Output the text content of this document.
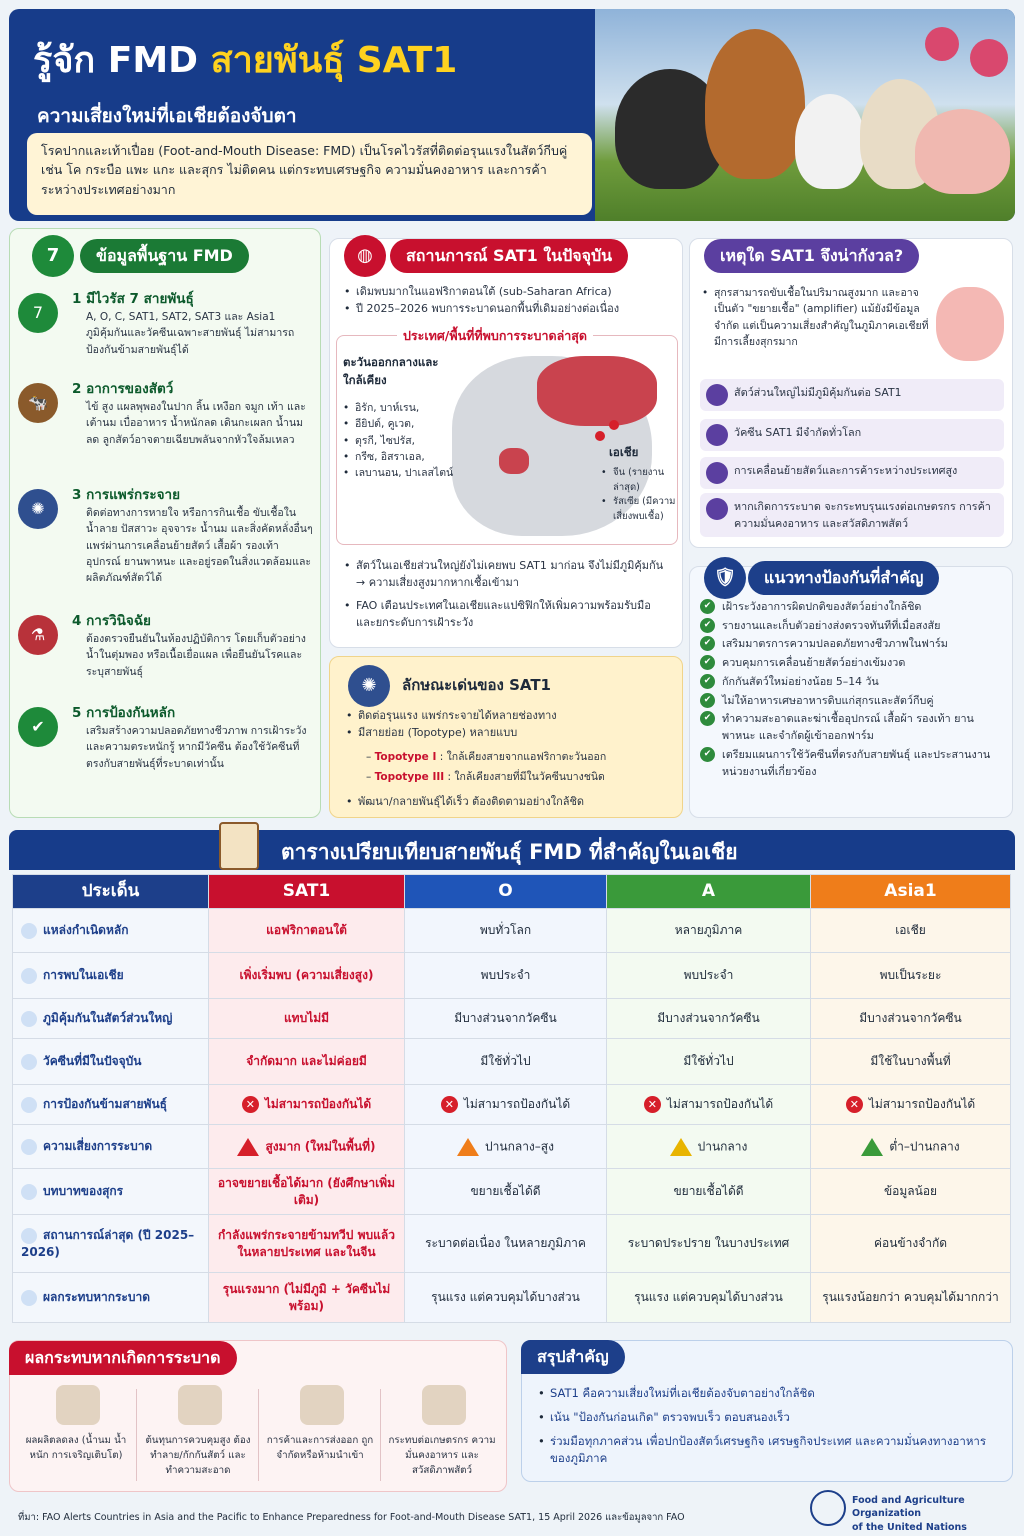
รู้จัก FMD สายพันธุ์ SAT1
ความเสี่ยงใหม่ที่เอเชียต้องจับตา
โรคปากและเท้าเปื่อย (Foot-and-Mouth Disease: FMD) เป็นโรคไวรัสที่ติดต่อรุนแรงในสัตว์กีบคู่ เช่น โค กระบือ แพะ แกะ และสุกร ไม่ติดคน แต่กระทบเศรษฐกิจ ความมั่นคงอาหาร และการค้าระหว่างประเทศอย่างมาก
7	ข้อมูลพื้นฐาน FMD
7
1 มีไวรัส 7 สายพันธุ์
A, O, C, SAT1, SAT2, SAT3 และ Asia1 ภูมิคุ้มกันและวัคซีนเฉพาะสายพันธุ์ ไม่สามารถป้องกันข้ามสายพันธุ์ได้
🐄
2 อาการของสัตว์
ไข้ สูง แผลพุพองในปาก ลิ้น เหงือก จมูก เท้า และเต้านม เบื่ออาหาร น้ำหนักลด เดินกะเผลก น้ำนมลด ลูกสัตว์อาจตายเฉียบพลันจากหัวใจล้มเหลว
✺
3 การแพร่กระจาย
ติดต่อทางการหายใจ หรือการกินเชื้อ ขับเชื้อในน้ำลาย ปัสสาวะ อุจจาระ น้ำนม และสิ่งคัดหลั่งอื่นๆ แพร่ผ่านการเคลื่อนย้ายสัตว์ เสื้อผ้า รองเท้า อุปกรณ์ ยานพาหนะ และอยู่รอดในสิ่งแวดล้อมและผลิตภัณฑ์สัตว์ได้
⚗
4 การวินิจฉัย
ต้องตรวจยืนยันในห้องปฏิบัติการ โดยเก็บตัวอย่างน้ำในตุ่มพอง หรือเนื้อเยื่อแผล เพื่อยืนยันโรคและระบุสายพันธุ์
✔
5 การป้องกันหลัก
เสริมสร้างความปลอดภัยทางชีวภาพ การเฝ้าระวัง และความตระหนักรู้ หากมีวัคซีน ต้องใช้วัคซีนที่ตรงกับสายพันธุ์ที่ระบาดเท่านั้น
◍	สถานการณ์ SAT1 ในปัจจุบัน
• เดิมพบมากในแอฟริกาตอนใต้ (sub-Saharan Africa)
• ปี 2025–2026 พบการระบาดนอกพื้นที่เดิมอย่างต่อเนื่อง
ประเทศ/พื้นที่ที่พบการระบาดล่าสุด
ตะวันออกกลางและใกล้เคียง
• อิรัก, บาห์เรน,
• อียิปต์, คูเวต,
• ตุรกี, ไซปรัส,
• กรีซ, อิสราเอล,
• เลบานอน, ปาเลสไตน์
เอเชีย
• จีน (รายงานล่าสุด)
• รัสเซีย (มีความเสี่ยงพบเชื้อ)
• สัตว์ในเอเชียส่วนใหญ่ยังไม่เคยพบ SAT1 มาก่อน จึงไม่มีภูมิคุ้มกัน → ความเสี่ยงสูงมากหากเชื้อเข้ามา
• FAO เตือนประเทศในเอเชียและแปซิฟิกให้เพิ่มความพร้อมรับมือ และยกระดับการเฝ้าระวัง
✺	ลักษณะเด่นของ SAT1
• ติดต่อรุนแรง แพร่กระจายได้หลายช่องทาง
• มีสายย่อย (Topotype) หลายแบบ
– Topotype I : ใกล้เคียงสายจากแอฟริกาตะวันออก
– Topotype III : ใกล้เคียงสายที่มีในวัคซีนบางชนิด
• พัฒนา/กลายพันธุ์ได้เร็ว ต้องติดตามอย่างใกล้ชิด
เหตุใด SAT1 จึงน่ากังวล?
• สุกรสามารถขับเชื้อในปริมาณสูงมาก และอาจเป็นตัว "ขยายเชื้อ" (amplifier) แม้ยังมีข้อมูลจำกัด แต่เป็นความเสี่ยงสำคัญในภูมิภาคเอเชียที่มีการเลี้ยงสุกรมาก
สัตว์ส่วนใหญ่ไม่มีภูมิคุ้มกันต่อ SAT1
วัคซีน SAT1 มีจำกัดทั่วโลก
การเคลื่อนย้ายสัตว์และการค้าระหว่างประเทศสูง
หากเกิดการระบาด จะกระทบรุนแรงต่อเกษตรกร การค้า ความมั่นคงอาหาร และสวัสดิภาพสัตว์
🛡	แนวทางป้องกันที่สำคัญ
✔ เฝ้าระวังอาการผิดปกติของสัตว์อย่างใกล้ชิด
✔ รายงานและเก็บตัวอย่างส่งตรวจทันทีที่เมื่อสงสัย
✔ เสริมมาตรการความปลอดภัยทางชีวภาพในฟาร์ม
✔ ควบคุมการเคลื่อนย้ายสัตว์อย่างเข้มงวด
✔ กักกันสัตว์ใหม่อย่างน้อย 5–14 วัน
✔ ไม่ให้อาหารเศษอาหารดิบแก่สุกรและสัตว์กีบคู่
✔ ทำความสะอาดและฆ่าเชื้ออุปกรณ์ เสื้อผ้า รองเท้า ยานพาหนะ และจำกัดผู้เข้าออกฟาร์ม
✔ เตรียมแผนการใช้วัคซีนที่ตรงกับสายพันธุ์ และประสานงานหน่วยงานที่เกี่ยวข้อง
ตารางเปรียบเทียบสายพันธุ์ FMD ที่สำคัญในเอเชีย
ประเด็น	SAT1	O	A	Asia1
แหล่งกำเนิดหลัก	แอฟริกาตอนใต้	พบทั่วโลก	หลายภูมิภาค	เอเชีย
การพบในเอเชีย	เพิ่งเริ่มพบ (ความเสี่ยงสูง)	พบประจำ	พบประจำ	พบเป็นระยะ
ภูมิคุ้มกันในสัตว์ส่วนใหญ่	แทบไม่มี	มีบางส่วนจากวัคซีน	มีบางส่วนจากวัคซีน	มีบางส่วนจากวัคซีน
วัคซีนที่มีในปัจจุบัน	จำกัดมาก และไม่ค่อยมี	มีใช้ทั่วไป	มีใช้ทั่วไป	มีใช้ในบางพื้นที่
การป้องกันข้ามสายพันธุ์	✕ ไม่สามารถป้องกันได้	✕ ไม่สามารถป้องกันได้	✕ ไม่สามารถป้องกันได้	✕ ไม่สามารถป้องกันได้
ความเสี่ยงการระบาด	สูงมาก (ใหม่ในพื้นที่)	ปานกลาง–สูง	ปานกลาง	ต่ำ–ปานกลาง
บทบาทของสุกร	อาจขยายเชื้อได้มาก (ยังศึกษาเพิ่มเติม)	ขยายเชื้อได้ดี	ขยายเชื้อได้ดี	ข้อมูลน้อย
สถานการณ์ล่าสุด (ปี 2025–2026)	กำลังแพร่กระจายข้ามทวีป พบแล้วในหลายประเทศ และในจีน	ระบาดต่อเนื่อง ในหลายภูมิภาค	ระบาดประปราย ในบางประเทศ	ค่อนข้างจำกัด
ผลกระทบหากระบาด	รุนแรงมาก (ไม่มีภูมิ + วัคซีนไม่พร้อม)	รุนแรง แต่ควบคุมได้บางส่วน	รุนแรง แต่ควบคุมได้บางส่วน	รุนแรงน้อยกว่า ควบคุมได้มากกว่า
ผลกระทบหากเกิดการระบาด
ผลผลิตลดลง (น้ำนม น้ำหนัก การเจริญเติบโต)
ต้นทุนการควบคุมสูง ต้องทำลาย/กักกันสัตว์ และทำความสะอาด
การค้าและการส่งออก ถูกจำกัดหรือห้ามนำเข้า
กระทบต่อเกษตรกร ความมั่นคงอาหาร และสวัสดิภาพสัตว์
สรุปสำคัญ
• SAT1 คือความเสี่ยงใหม่ที่เอเชียต้องจับตาอย่างใกล้ชิด
• เน้น "ป้องกันก่อนเกิด" ตรวจพบเร็ว ตอบสนองเร็ว
• ร่วมมือทุกภาคส่วน เพื่อปกป้องสัตว์เศรษฐกิจ เศรษฐกิจประเทศ และความมั่นคงทางอาหารของภูมิภาค
ที่มา: FAO Alerts Countries in Asia and the Pacific to Enhance Preparedness for Foot-and-Mouth Disease SAT1, 15 April 2026 และข้อมูลจาก FAO
Food and Agriculture Organization
of the United Nations
